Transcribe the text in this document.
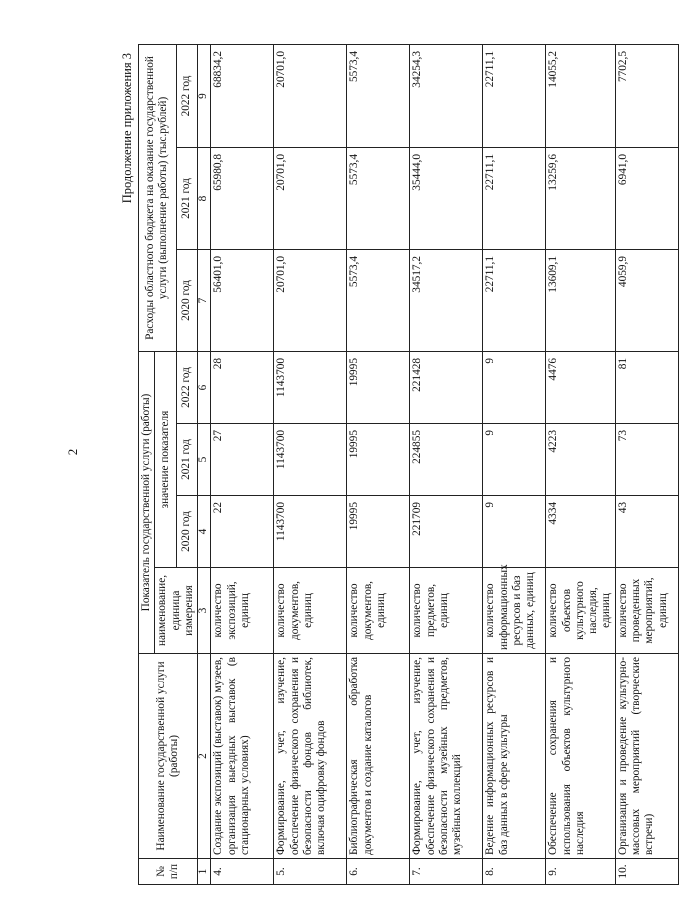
2
Продолжение приложения 3
№ п/п	Наименование государственной услуги (работы)	Показатель государственной услуги (работы)				Расходы областного бюджета на оказание государственной услуги (выполнение работы) (тыс.рублей)		
		наименование, единица измерения	значение показателя					
			2020 год	2021 год	2022 год	2020 год	2021 год	2022 год
1	2	3	4	5	6	7	8	9
4.	Создание экспозиций (выставок) музеев, организация выездных выставок (в стационарных условиях)	количество экспозиций, единиц	22	27	28	56401,0	65980,8	68834,2
5.	Формирование, учет, изучение, обеспечение физического сохранения и безопасности фондов библиотек, включая оцифровку фондов	количество документов, единиц	1143700	1143700	1143700	20701,0	20701,0	20701,0
6.	Библиографическая обработка документов и создание каталогов	количество документов, единиц	19995	19995	19995	5573,4	5573,4	5573,4
7.	Формирование, учет, изучение, обеспечение физического сохранения и безопасности музейных предметов, музейных коллекций	количество предметов, единиц	221709	224855	221428	34517,2	35444,0	34254,3
8.	Ведение информационных ресурсов и баз данных в сфере культуры	количество информационных ресурсов и баз данных, единиц	9	9	9	22711,1	22711,1	22711,1
9.	Обеспечение сохранения и использования объектов культурного наследия	количество объектов культурного наследия, единиц	4334	4223	4476	13609,1	13259,6	14055,2
10.	Организация и проведение культурно-массовых мероприятий (творческие встречи)	количество проведенных мероприятий, единиц	43	73	81	4059,9	6941,0	7702,5
